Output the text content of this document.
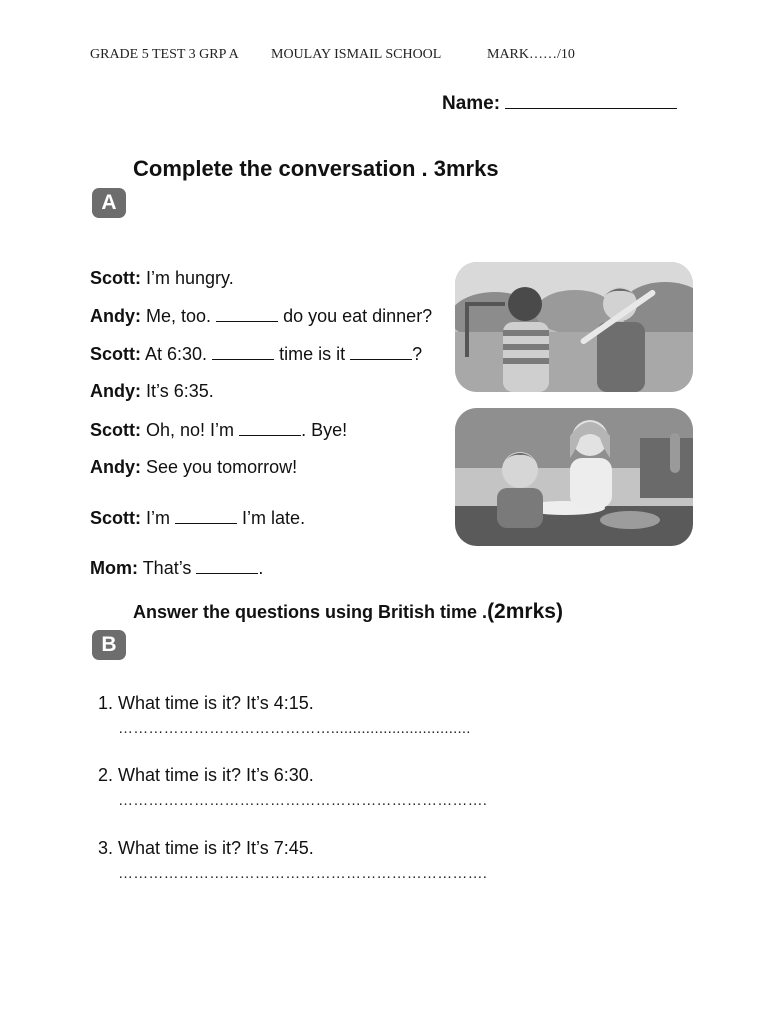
GRADE 5 TEST 3 GRP A MOULAY ISMAIL SCHOOL	MARK……/10
Name:
Complete the conversation . 3mrks
A
Scott: I’m hungry.
Andy: Me, too.	do you eat dinner?
Scott: At 6:30.	time is it	?
Andy: It’s 6:35.
Scott: Oh, no! I’m	. Bye!
Andy: See you tomorrow!
Scott: I’m	I’m late.
Mom: That’s	.
Answer the questions using British time .(2mrks)
B
1. What time is it? It’s 4:15.
……………………………………................................
2. What time is it? It’s 6:30.
……………………………………………………………….
3. What time is it? It’s 7:45.
……………………………………………………………….
